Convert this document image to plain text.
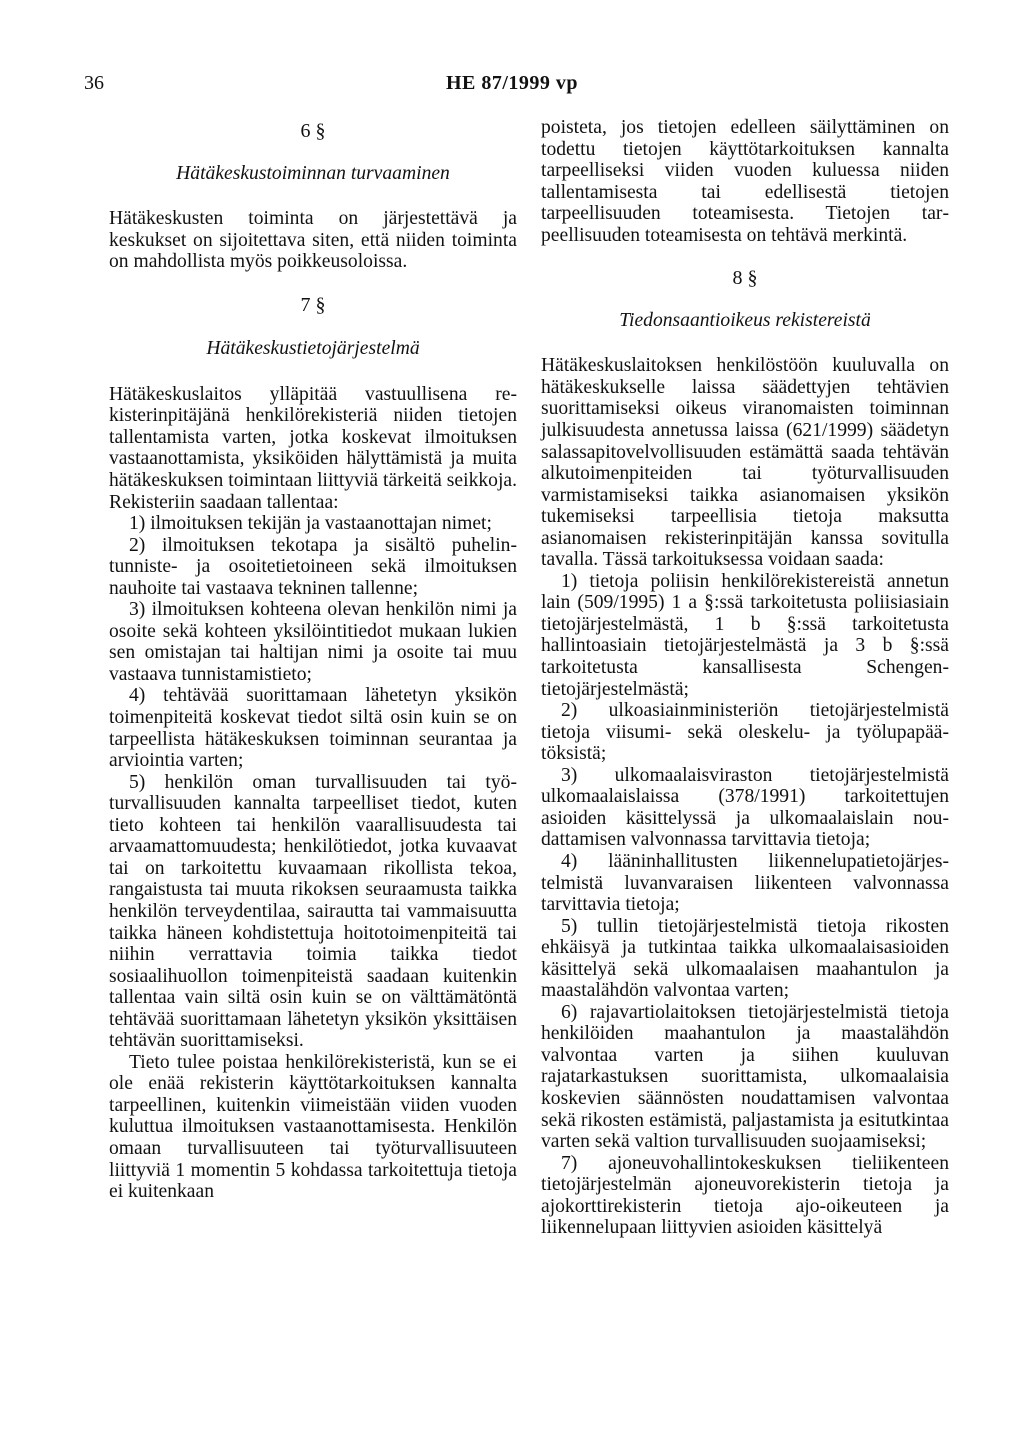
36	HE 87/1999 vp

6 §

Hätäkeskustoiminnan turvaaminen

Hätäkeskusten toiminta on järjestettävä ja keskukset on sijoitettava siten, että niiden toiminta on mahdollista myös poikkeusoloissa.

7 §

Hätäkeskustietojärjestelmä

Hätäkeskuslaitos ylläpitää vastuullisena rekisterinpitäjänä henkilörekisteriä niiden tietojen tallentamista varten, jotka koskevat ilmoituksen vastaanottamista, yksiköiden hälyttämistä ja muita hätäkeskuksen toimintaan liittyviä tärkeitä seikkoja. Rekisteriin saadaan tallentaa:

1) ilmoituksen tekijän ja vastaanottajan nimet;

2) ilmoituksen tekotapa ja sisältö puhelintunniste- ja osoitetietoineen sekä ilmoituksen nauhoite tai vastaava tekninen tallenne;

3) ilmoituksen kohteena olevan henkilön nimi ja osoite sekä kohteen yksilöintitiedot mukaan lukien sen omistajan tai haltijan nimi ja osoite tai muu vastaava tunnistamistieto;

4) tehtävää suorittamaan lähetetyn yksikön toimenpiteitä koskevat tiedot siltä osin kuin se on tarpeellista hätäkeskuksen toiminnan seurantaa ja arviointia varten;

5) henkilön oman turvallisuuden tai työturvallisuuden kannalta tarpeelliset tiedot, kuten tieto kohteen tai henkilön vaarallisuudesta tai arvaamattomuudesta; henkilötiedot, jotka kuvaavat tai on tarkoitettu kuvaamaan rikollista tekoa, rangaistusta tai muuta rikoksen seuraamusta taikka henkilön terveydentilaa, sairautta tai vammaisuutta taikka häneen kohdistettuja hoitotoimenpiteitä tai niihin verrattavia toimia taikka tiedot sosiaalihuollon toimenpiteistä saadaan kuitenkin tallentaa vain siltä osin kuin se on välttämätöntä tehtävää suorittamaan lähetetyn yksikön yksittäisen tehtävän suorittamiseksi.

Tieto tulee poistaa henkilörekisteristä, kun se ei ole enää rekisterin käyttötarkoituksen kannalta tarpeellinen, kuitenkin viimeistään viiden vuoden kuluttua ilmoituksen vastaanottamisesta. Henkilön omaan turvallisuuteen tai työturvallisuuteen liittyviä 1 momentin 5 kohdassa tarkoitettuja tietoja ei kuitenkaan

poisteta, jos tietojen edelleen säilyttäminen on todettu tietojen käyttötarkoituksen kannalta tarpeelliseksi viiden vuoden kuluessa niiden tallentamisesta tai edellisestä tietojen tarpeellisuuden toteamisesta. Tietojen tarpeellisuuden toteamisesta on tehtävä merkintä.

8 §

Tiedonsaantioikeus rekistereistä

Hätäkeskuslaitoksen henkilöstöön kuuluvalla on hätäkeskukselle laissa säädettyjen tehtävien suorittamiseksi oikeus viranomaisten toiminnan julkisuudesta annetussa laissa (621/1999) säädetyn salassapitovelvollisuuden estämättä saada tehtävän alkutoimenpiteiden tai työturvallisuuden varmistamiseksi taikka asianomaisen yksikön tukemiseksi tarpeellisia tietoja maksutta asianomaisen rekisterinpitäjän kanssa sovitulla tavalla. Tässä tarkoituksessa voidaan saada:

1) tietoja poliisin henkilörekistereistä annetun lain (509/1995) 1 a §:ssä tarkoitetusta poliisiasiain tietojärjestelmästä, 1 b §:ssä tarkoitetusta hallintoasiain tietojärjestelmästä ja 3 b §:ssä tarkoitetusta kansallisesta Schengen-tietojärjestelmästä;

2) ulkoasiainministeriön tietojärjestelmistä tietoja viisumi- sekä oleskelu- ja työlupapäätöksistä;

3) ulkomaalaisviraston tietojärjestelmistä ulkomaalaislaissa (378/1991) tarkoitettujen asioiden käsittelyssä ja ulkomaalaislain noudattamisen valvonnassa tarvittavia tietoja;

4) lääninhallitusten liikennelupatietojärjestelmistä luvanvaraisen liikenteen valvonnassa tarvittavia tietoja;

5) tullin tietojärjestelmistä tietoja rikosten ehkäisyä ja tutkintaa taikka ulkomaalaisasioiden käsittelyä sekä ulkomaalaisen maahantulon ja maastalähdön valvontaa varten;

6) rajavartiolaitoksen tietojärjestelmistä tietoja henkilöiden maahantulon ja maastalähdön valvontaa varten ja siihen kuuluvan rajatarkastuksen suorittamista, ulkomaalaisia koskevien säännösten noudattamisen valvontaa sekä rikosten estämistä, paljastamista ja esitutkintaa varten sekä valtion turvallisuuden suojaamiseksi;

7) ajoneuvohallintokeskuksen tieliikenteen tietojärjestelmän ajoneuvorekisterin tietoja ja ajokorttirekisterin tietoja ajo-oikeuteen ja liikennelupaan liittyvien asioiden käsittelyä
